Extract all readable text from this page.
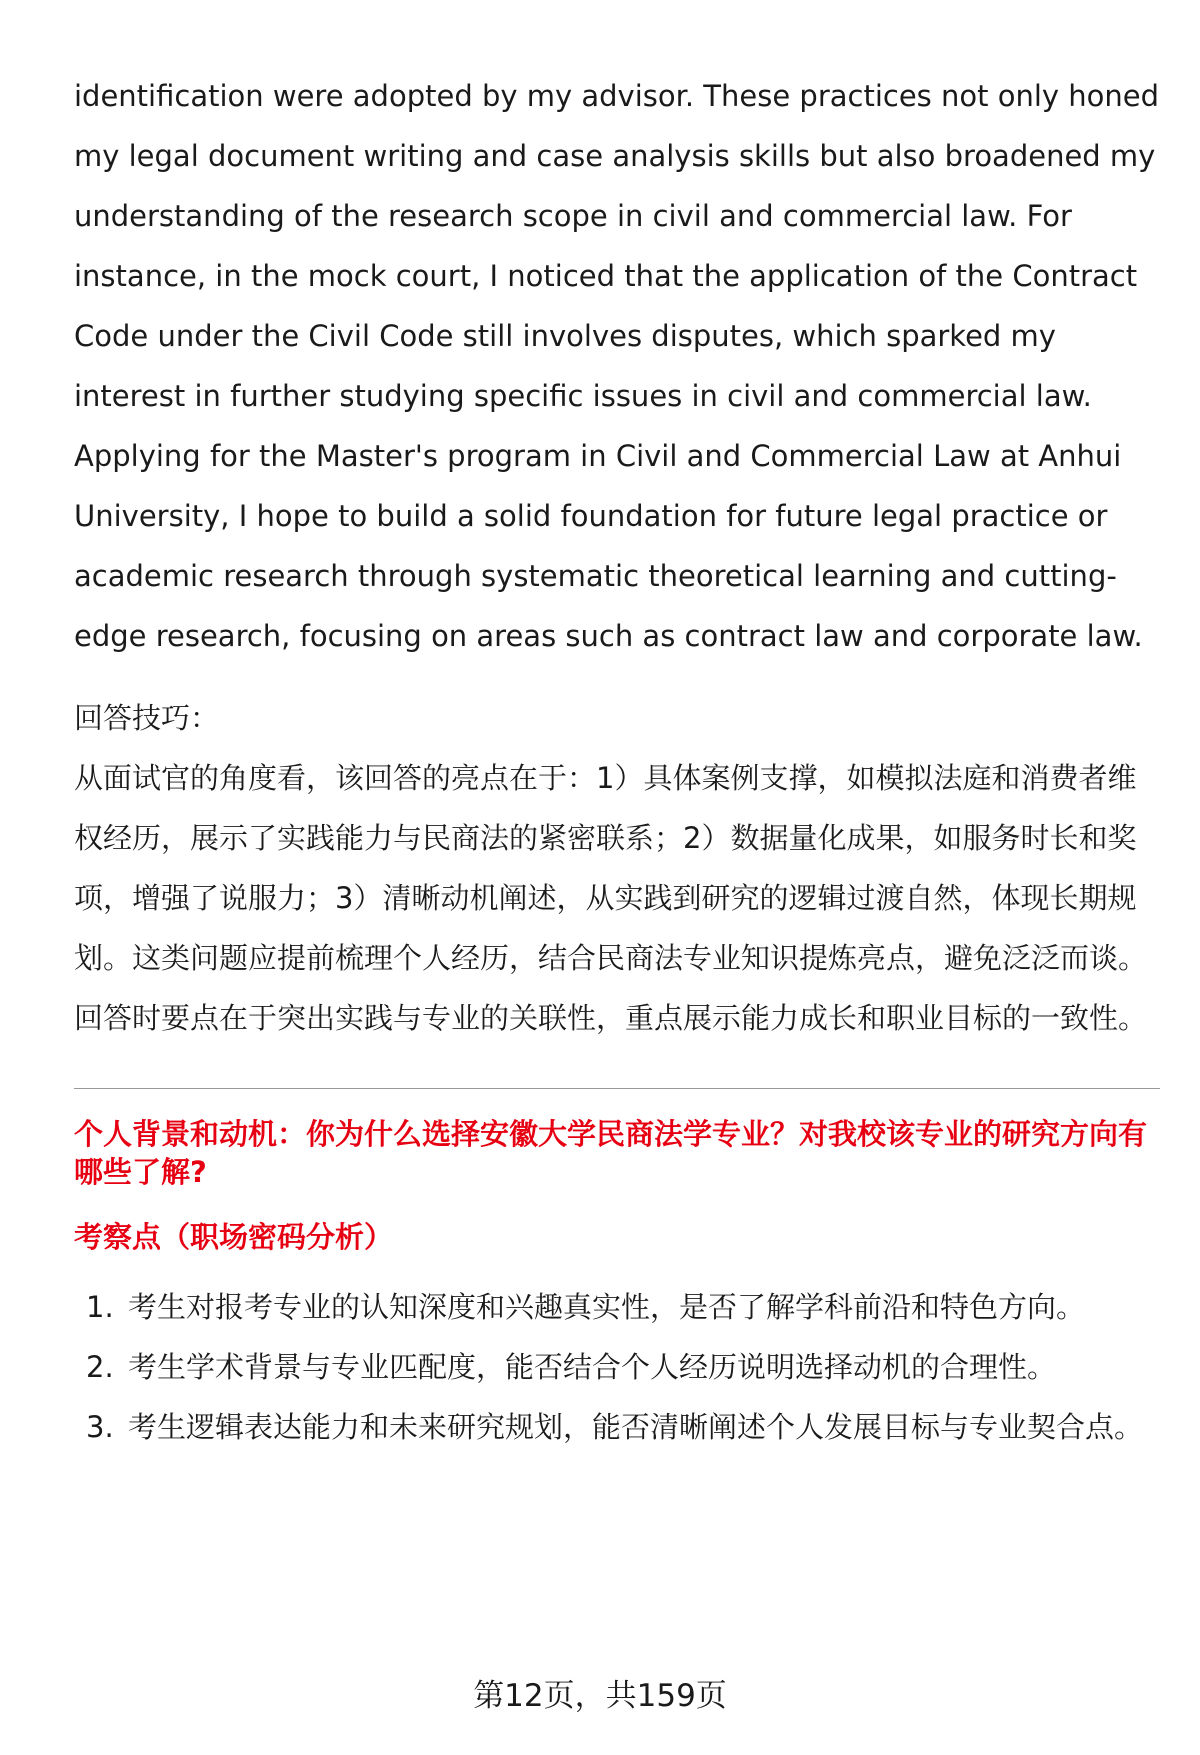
identification were adopted by my advisor. These practices not only honed my legal document writing and case analysis skills but also broadened my understanding of the research scope in civil and commercial law. For instance, in the mock court, I noticed that the application of the Contract Code under the Civil Code still involves disputes, which sparked my interest in further studying specific issues in civil and commercial law. Applying for the Master's program in Civil and Commercial Law at Anhui University, I hope to build a solid foundation for future legal practice or academic research through systematic theoretical learning and cutting-edge research, focusing on areas such as contract law and corporate law.

回答技巧：

从面试官的角度看，该回答的亮点在于：1）具体案例支撑，如模拟法庭和消费者维权经历，展示了实践能力与民商法的紧密联系；2）数据量化成果，如服务时长和奖项，增强了说服力；3）清晰动机阐述，从实践到研究的逻辑过渡自然，体现长期规划。这类问题应提前梳理个人经历，结合民商法专业知识提炼亮点，避免泛泛而谈。回答时要点在于突出实践与专业的关联性，重点展示能力成长和职业目标的一致性。

个人背景和动机：你为什么选择安徽大学民商法学专业？对我校该专业的研究方向有哪些了解?

考察点（职场密码分析）

1. 考生对报考专业的认知深度和兴趣真实性，是否了解学科前沿和特色方向。
2. 考生学术背景与专业匹配度，能否结合个人经历说明选择动机的合理性。
3. 考生逻辑表达能力和未来研究规划，能否清晰阐述个人发展目标与专业契合点。
第12页，共159页
